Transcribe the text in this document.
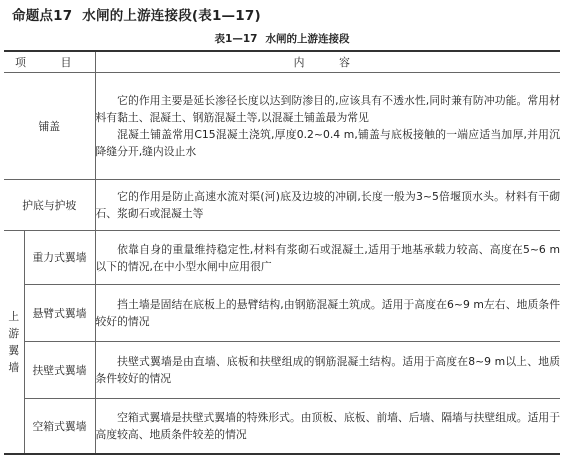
命题点17 水闸的上游连接段(表1—17)
表1—17 水闸的上游连接段
项　目		内　容
铺盖		它的作用主要是延长渗径长度以达到防渗目的,应该具有不透水性,同时兼有防冲功能。常用材料有黏土、混凝土、钢筋混凝土等,以混凝土铺盖最为常见

混凝土铺盖常用C15混凝土浇筑,厚度0.2~0.4 m,铺盖与底板接触的一端应适当加厚,并用沉降缝分开,缝内设止水

护底与护坡		它的作用是防止高速水流对渠(河)底及边坡的冲刷,长度一般为3~5倍堰顶水头。材料有干砌石、浆砌石或混凝土等

上
游
翼
墙	重力式翼墙	依靠自身的重量维持稳定性,材料有浆砌石或混凝土,适用于地基承载力较高、高度在5~6 m以下的情况,在中小型水闸中应用很广

	悬臂式翼墙	挡土墙是固结在底板上的悬臂结构,由钢筋混凝土筑成。适用于高度在6~9 m左右、地质条件较好的情况

	扶壁式翼墙	扶壁式翼墙是由直墙、底板和扶壁组成的钢筋混凝土结构。适用于高度在8~9 m以上、地质条件较好的情况

	空箱式翼墙	空箱式翼墙是扶壁式翼墙的特殊形式。由顶板、底板、前墙、后墙、隔墙与扶壁组成。适用于高度较高、地质条件较差的情况
